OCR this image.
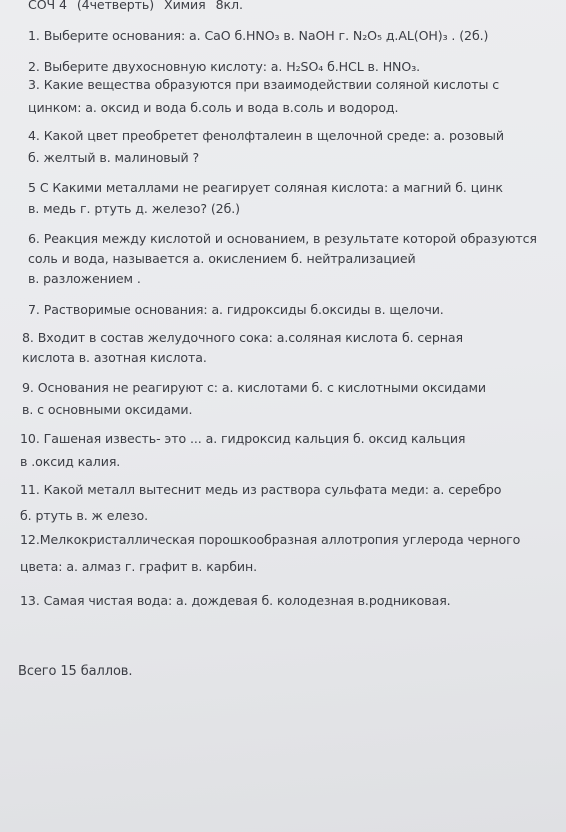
СОЧ 4 (4четверть) Химия 8кл.
1. Выберите основания: а. CaO б.HNO₃ в. NaOH г. N₂O₅ д.AL(OH)₃ . (2б.)
2. Выберите двухосновную кислоту: а. H₂SO₄ б.HCL в. HNO₃.
3. Какие вещества образуются при взаимодействии соляной кислоты с
цинком: а. оксид и вода б.соль и вода в.соль и водород.
4. Какой цвет преобретет фенолфталеин в щелочной среде: а. розовый
б. желтый в. малиновый ?
5 С Какими металлами не реагирует соляная кислота: а магний б. цинк
в. медь г. ртуть д. железо? (2б.)
6. Реакция между кислотой и основанием, в результате которой образуются
соль и вода, называется а. окислением б. нейтрализацией
в. разложением .
7. Растворимые основания: а. гидроксиды б.оксиды в. щелочи.
8. Входит в состав желудочного сока: а.соляная кислота б. серная
кислота в. азотная кислота.
9. Основания не реагируют с: а. кислотами б. с кислотными оксидами
в. с основными оксидами.
10. Гашеная известь- это ... а. гидроксид кальция б. оксид кальция
в .оксид калия.
11. Какой металл вытеснит медь из раствора сульфата меди: а. серебро
б. ртуть в. ж елезо.
12.Мелкокристаллическая порошкообразная аллотропия углерода черного
цвета: а. алмаз г. графит в. карбин.
13. Самая чистая вода: а. дождевая б. колодезная в.родниковая.
Всего 15 баллов.
